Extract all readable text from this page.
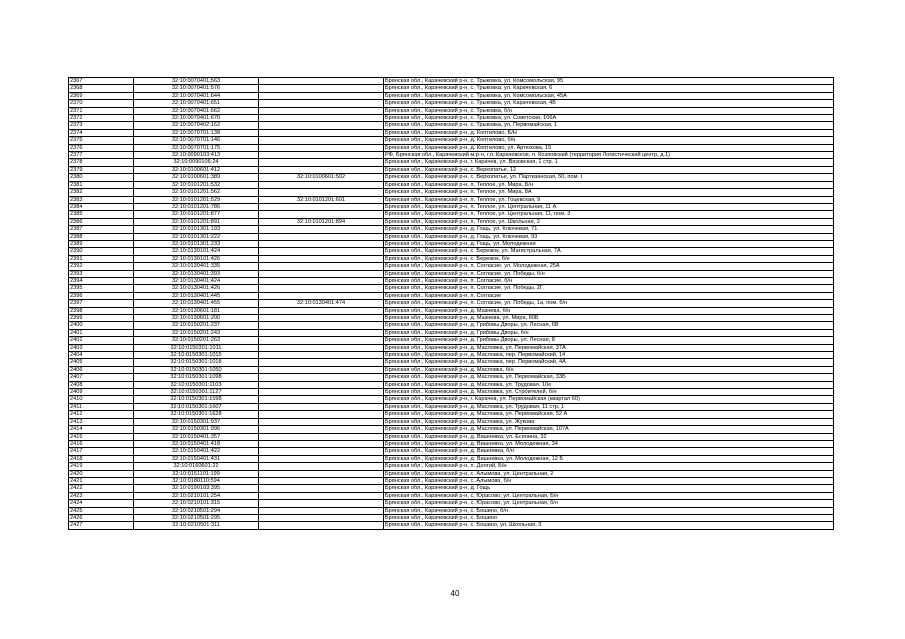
2367	32:10:0070401:563		Брянская обл., Карачевский р-н, с. Трыковка, ул. Комсомольская, 95
2368	32:10:0070401:576		Брянская обл., Карачевский р-н, с. Трыковка, ул. Карачевская, 6
2369	32:10:0070401:644		Брянская обл., Карачевский р-н, с. Трыковка, ул. Комсомольская, 45А
2370	32:10:0070401:651		Брянская обл., Карачевский р-н, с. Трыковка, ул. Карачевская, 4Б
2371	32:10:0070401:662		Брянская обл., Карачевский р-н, с. Трыковка, б/н
2372	32:10:0070401:670		Брянская обл., Карачевский р-н, с. Трыковка, ул. Советская, 106А
2373	32:10:0070402:162		Брянская обл., Карачевский р-н, с. Трыковка, ул. Первомайская, 1
2374	32:10:0070701:138		Брянская обл., Карачевский р-н, д. Коптилово, Б/Н
2375	32:10:0070701:146		Брянская обл., Карачевский р-н, д. Коптилово, б/н
2376	32:10:0070701:175		Брянская обл., Карачевский р-н, д. Коптилово, ул. Артюхова, 15
2377	32:10:0090103:413		РФ, Брянская обл., Карачевский м.р-н, г.п. Карачевское, п. Козловский (территория Логистический центр, д.1)
2378	32:10:0090106:24		Брянская обл., Карачевский р-н, г. Карачев, ул. Вязовская, 1 стр. 1
2379	32:10:0100601:412		Брянская обл., Карачевский р-н, с. Верхопатье, 12
2380	32:10:0100601:389	32:10:0100601:502	Брянская обл., Карачевский р-н, с. Верхопатье, ул. Партизанская, 50, пом. I
2381	32:10:0101201:532		Брянская обл., Карачевский р-н, п. Теплое, ул. Мира, Б/н
2382	32:10:0101201:562		Брянская обл., Карачевский р-н, п. Теплое, ул. Мира, 8А
2383	32:10:0101201:529	32:10:0101201:601	Брянская обл., Карачевский р-н, п. Теплое, ул. Гоцевская, 9
2384	32:10:0101201:786		Брянская обл., Карачевский р-н, п. Теплое, ул. Центральная, 11 А
2385	32:10:0101201:877		Брянская обл., Карачевский р-н, п. Теплое, ул. Центральная, 11, пом. 3
2386	32:10:0101201:891	32:10:0101201:894	Брянская обл., Карачевский р-н, п. Теплое, ул. Школьная, 2
2387	32:10:0101301:193		Брянская обл., Карачевский р-н, д. Гощь, ул. Ключевая, 71
2388	32:10:0101301:222		Брянская обл., Карачевский р-н, д. Гощь, ул. Ключевая, 93
2389	32:10:0101301:233		Брянская обл., Карачевский р-н, д. Гощь, ул. Молодежная
2390	32:10:0130101:424		Брянская обл., Карачевский р-н, с. Бережок, ул. Магистральная, 7А
2391	32:10:0130101:426		Брянская обл., Карачевский р-н, с. Бережок, б/н
2392	32:10:0130401:335		Брянская обл., Карачевский р-н, п. Согласие, ул. Молодежная, 25А
2393	32:10:0130401:393		Брянская обл., Карачевский р-н, п. Согласие, ул. Победы, б/н
2394	32:10:0130401:424		Брянская обл., Карачевский р-н, п. Согласие, б/н
2395	32:10:0130401:426		Брянская обл., Карачевский р-н, п. Согласие, ул. Победы, 2Г
2396	32:10:0130401:445		Брянская обл., Карачевский р-н, п. Согласие
2397	32:10:0130401:455	32:10:0130401:474	Брянская обл., Карачевский р-н, п. Согласие, ул. Победы, 1а, пом. б/н
2398	32:10:0130601:181		Брянская обл., Карачевский р-н, д. Мазнева, б/н
2399	32:10:0130601:200		Брянская обл., Карачевский р-н, д. Мазнева, ул. Мира, 60Б
2400	32:10:0150201:237		Брянская обл., Карачевский р-н, д. Грибовы Дворы, ул. Лесная, 6В
2401	32:10:0150201:243		Брянская обл., Карачевский р-н, д. Грибовы Дворы, б/н
2402	32:10:0150201:263		Брянская обл., Карачевский р-н, д. Грибовы Дворы, ул. Лесная, 8
2403	32:10:0150301:1011		Брянская обл., Карачевский р-н, д. Масловка, ул. Первомайская, 37А
2404	32:10:0150301:1015		Брянская обл., Карачевский р-н, д. Масловка, пер. Первомайский, 14
2405	32:10:0150301:1018		Брянская обл., Карачевский р-н, д. Масловка, пер. Первомайский, 4А
2406	32:10:0150301:1050		Брянская обл., Карачевский р-н, д. Масловка, б/н
2407	32:10:0150301:1098		Брянская обл., Карачевский р-н, д. Масловка, ул. Первомайская, 33Б
2408	32:10:0150301:1103		Брянская обл., Карачевский р-н, д. Масловка, ул. Трудовая, 10е
2409	32:10:0150301:1127		Брянская обл., Карачевский р-н, д. Масловка, ул. Строителей, б/н
2410	32:10:0150301:1598		Брянская обл., Карачевский р-н, г. Карачев, ул. Первомайская (квартал 60)
2411	32:10:0150301:1607		Брянская обл., Карачевский р-н, д. Масловка, ул. Трудовая, 11 стр. 1
2412	32:10:0150301:1628		Брянская обл., Карачевский р-н, д. Масловка, ул. Первомайская, 52 А
2413	32:10:0150301:937		Брянская обл., Карачевский р-н, д. Масловка, ул. Жукова
2414	32:10:0150301:996		Брянская обл., Карачевский р-н, д. Масловка, ул. Первомайская, 107А
2415	32:10:0150401:357		Брянская обл., Карачевский р-н, д. Вишневка, ул. Есенина, 32
2416	32:10:0150401:418		Брянская обл., Карачевский р-н, д. Вишневка, ул. Молодежная, 34
2417	32:10:0150401:422		Брянская обл., Карачевский р-н, д. Вишневка, б/н
2418	32:10:0150401:431		Брянская обл., Карачевский р-н, д. Вишневка, ул. Молодежная, 12 Б
2419	32:10:0160601:22		Брянская обл., Карачевский р-н, п. Долгий, Б/н
2420	32:10:0151101:199		Брянская обл., Карачевский р-н, с. Алымова, ул. Центральная, 2
2421	32:10:0180110:594		Брянская обл., Карачевский р-н, с. Алымова, б/н
2422	32:10:0190103:395		Брянская обл., Карачевский р-н, д. Гощь
2423	32:10:0210101:254		Брянская обл., Карачевский р-н, с. Юрасово, ул. Центральная, Б/н
2424	32:10:0210101:315		Брянская обл., Карачевский р-н, с. Юрасово, ул. Центральная, б/н
2425	32:10:0210501:294		Брянская обл., Карачевский р-н, с. Бошино, б/н
2426	32:10:0210501:295		Брянская обл., Карачевский р-н, с. Бошино
2427	32:10:0210501:311		Брянская обл., Карачевский р-н, с. Бошино, ул. Школьная, 3
40
